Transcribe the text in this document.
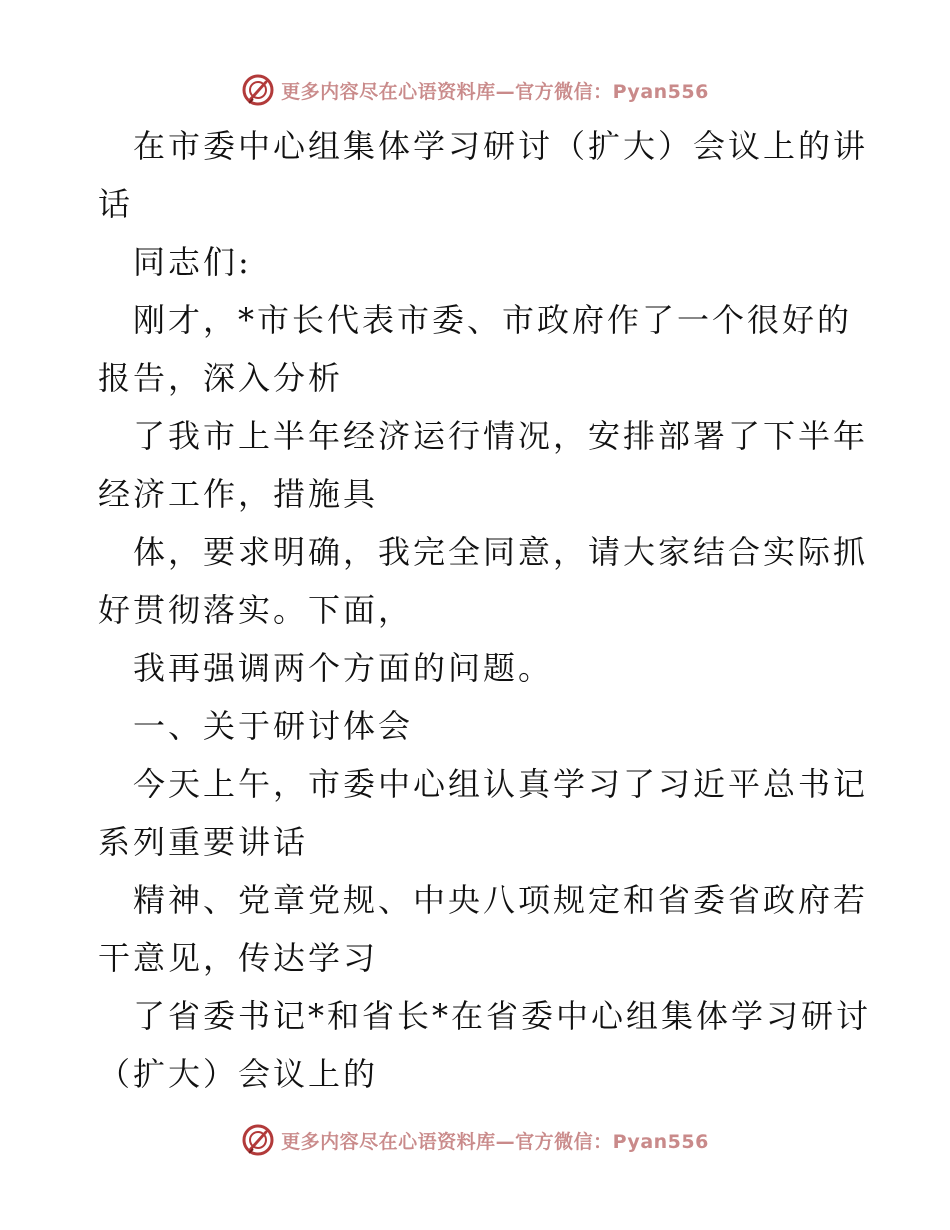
更多内容尽在心语资料库—官方微信：Pyan556
在市委中心组集体学习研讨（扩大）会议上的讲
话
同志们:
刚才，*市长代表市委、市政府作了一个很好的
报告，深入分析
了我市上半年经济运行情况，安排部署了下半年
经济工作，措施具
体，要求明确，我完全同意，请大家结合实际抓
好贯彻落实。下面，
我再强调两个方面的问题。
一、关于研讨体会
今天上午，市委中心组认真学习了习近平总书记
系列重要讲话
精神、党章党规、中央八项规定和省委省政府若
干意见，传达学习
了省委书记*和省长*在省委中心组集体学习研讨
（扩大）会议上的
更多内容尽在心语资料库—官方微信：Pyan556
